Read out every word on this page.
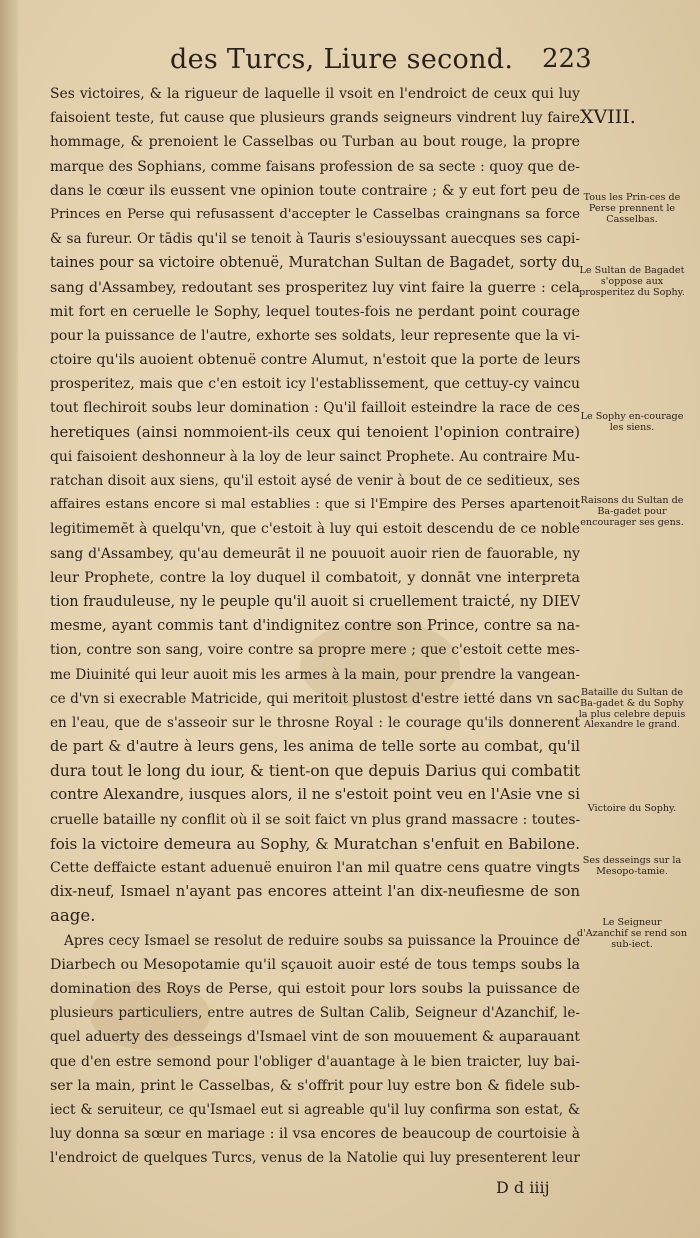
des Turcs, Liure second. 223
XVIII.
Tous les Prin-ces de Perse prennent le Casselbas.
Le Sultan de Bagadet s'oppose aux prosperitez du Sophy.
Le Sophy en-courage les siens.
Raisons du Sultan de Ba-gadet pour encourager ses gens.
Bataille du Sultan de Ba-gadet & du Sophy la plus celebre depuis Alexandre le grand.
Victoire du Sophy.
Ses desseings sur la Mesopo-tamie.
Le Seigneur d'Azanchif se rend son sub-iect.
Ses victoires, & la rigueur de laquelle il vsoit en l'endroict de ceux qui luy
faisoient teste, fut cause que plusieurs grands seigneurs vindrent luy faire
hommage, & prenoient le Casselbas ou Turban au bout rouge, la propre
marque des Sophians, comme faisans profession de sa secte : quoy que de-
dans le cœur ils eussent vne opinion toute contraire ; & y eut fort peu de
Princes en Perse qui refusassent d'accepter le Casselbas craingnans sa force
& sa fureur. Or tādis qu'il se tenoit à Tauris s'esiouyssant auecques ses capi-
taines pour sa victoire obtenuë, Muratchan Sultan de Bagadet, sorty du
sang d'Assambey, redoutant ses prosperitez luy vint faire la guerre : cela
mit fort en ceruelle le Sophy, lequel toutes-fois ne perdant point courage
pour la puissance de l'autre, exhorte ses soldats, leur represente que la vi-
ctoire qu'ils auoient obtenuë contre Alumut, n'estoit que la porte de leurs
prosperitez, mais que c'en estoit icy l'establissement, que cettuy-cy vaincu
tout flechiroit soubs leur domination : Qu'il failloit esteindre la race de ces
heretiques (ainsi nommoient-ils ceux qui tenoient l'opinion contraire)
qui faisoient deshonneur à la loy de leur sainct Prophete. Au contraire Mu-
ratchan disoit aux siens, qu'il estoit aysé de venir à bout de ce seditieux, ses
affaires estans encore si mal establies : que si l'Empire des Perses apartenoit
legitimemēt à quelqu'vn, que c'estoit à luy qui estoit descendu de ce noble
sang d'Assambey, qu'au demeurāt il ne pouuoit auoir rien de fauorable, ny
leur Prophete, contre la loy duquel il combatoit, y donnāt vne interpreta
tion frauduleuse, ny le peuple qu'il auoit si cruellement traicté, ny DIEV
mesme, ayant commis tant d'indignitez contre son Prince, contre sa na-
tion, contre son sang, voire contre sa propre mere ; que c'estoit cette mes-
me Diuinité qui leur auoit mis les armes à la main, pour prendre la vangean-
ce d'vn si execrable Matricide, qui meritoit plustost d'estre ietté dans vn sac
en l'eau, que de s'asseoir sur le throsne Royal : le courage qu'ils donnerent
de part & d'autre à leurs gens, les anima de telle sorte au combat, qu'il
dura tout le long du iour, & tient-on que depuis Darius qui combatit
contre Alexandre, iusques alors, il ne s'estoit point veu en l'Asie vne si
cruelle bataille ny conflit où il se soit faict vn plus grand massacre : toutes-
fois la victoire demeura au Sophy, & Muratchan s'enfuit en Babilone.
Cette deffaicte estant aduenuë enuiron l'an mil quatre cens quatre vingts
dix-neuf, Ismael n'ayant pas encores atteint l'an dix-neufiesme de son
aage.
Apres cecy Ismael se resolut de reduire soubs sa puissance la Prouince de
Diarbech ou Mesopotamie qu'il sçauoit auoir esté de tous temps soubs la
domination des Roys de Perse, qui estoit pour lors soubs la puissance de
plusieurs particuliers, entre autres de Sultan Calib, Seigneur d'Azanchif, le-
quel aduerty des desseings d'Ismael vint de son mouuement & auparauant
que d'en estre semond pour l'obliger d'auantage à le bien traicter, luy bai-
ser la main, print le Casselbas, & s'offrit pour luy estre bon & fidele sub-
iect & seruiteur, ce qu'Ismael eut si agreable qu'il luy confirma son estat, &
luy donna sa sœur en mariage : il vsa encores de beaucoup de courtoisie à
l'endroict de quelques Turcs, venus de la Natolie qui luy presenterent leur
D d iiij
